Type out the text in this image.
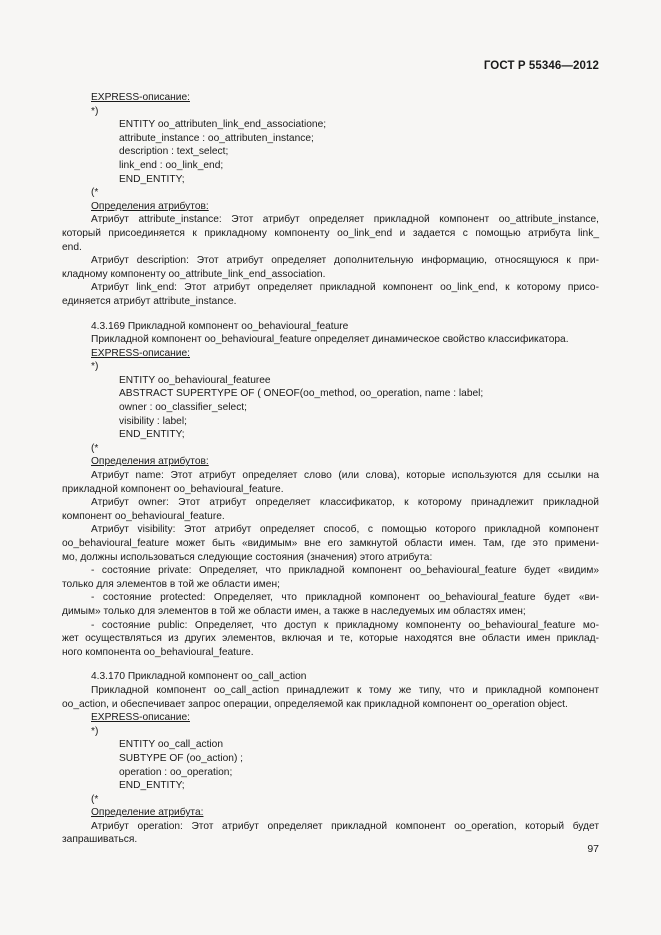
ГОСТ Р 55346—2012
EXPRESS-описание:
*)
ENTITY oo_attributen_link_end_associatione;
attribute_instance : oo_attributen_instance;
description : text_select;
link_end : oo_link_end;
END_ENTITY;
(*
Определения атрибутов:
Атрибут attribute_instance: Этот атрибут определяет прикладной компонент oo_attribute_instance,
который присоединяется к прикладному компоненту oo_link_end и задается с помощью атрибута link_
end.
Атрибут description: Этот атрибут определяет дополнительную информацию, относящуюся к при-
кладному компоненту oo_attribute_link_end_association.
Атрибут link_end: Этот атрибут определяет прикладной компонент oo_link_end, к которому присо-
единяется атрибут attribute_instance.
4.3.169 Прикладной компонент oo_behavioural_feature
Прикладной компонент oo_behavioural_feature определяет динамическое свойство классификатора.
EXPRESS-описание:
*)
ENTITY oo_behavioural_featuree
ABSTRACT SUPERTYPE OF ( ONEOF(oo_method, oo_operation, name : label;
owner : oo_classifier_select;
visibility : label;
END_ENTITY;
(*
Определения атрибутов:
Атрибут name: Этот атрибут определяет слово (или слова), которые используются для ссылки на
прикладной компонент oo_behavioural_feature.
Атрибут owner: Этот атрибут определяет классификатор, к которому принадлежит прикладной
компонент oo_behavioural_feature.
Атрибут visibility: Этот атрибут определяет способ, с помощью которого прикладной компонент
oo_behavioural_feature может быть «видимым» вне его замкнутой области имен. Там, где это примени-
мо, должны использоваться следующие состояния (значения) этого атрибута:
- состояние private: Определяет, что прикладной компонент oo_behavioural_feature будет «видим»
только для элементов в той же области имен;
- состояние protected: Определяет, что прикладной компонент oo_behavioural_feature будет «ви-
димым» только для элементов в той же области имен, а также в наследуемых им областях имен;
- состояние public: Определяет, что доступ к прикладному компоненту oo_behavioural_feature мо-
жет осуществляться из других элементов, включая и те, которые находятся вне области имен приклад-
ного компонента oo_behavioural_feature.
4.3.170 Прикладной компонент oo_call_action
Прикладной компонент oo_call_action принадлежит к тому же типу, что и прикладной компонент
oo_action, и обеспечивает запрос операции, определяемой как прикладной компонент oo_operation object.
EXPRESS-описание:
*)
ENTITY oo_call_action
SUBTYPE OF (oo_action) ;
operation : oo_operation;
END_ENTITY;
(*
Определение атрибута:
Атрибут operation: Этот атрибут определяет прикладной компонент oo_operation, который будет
запрашиваться.
97
